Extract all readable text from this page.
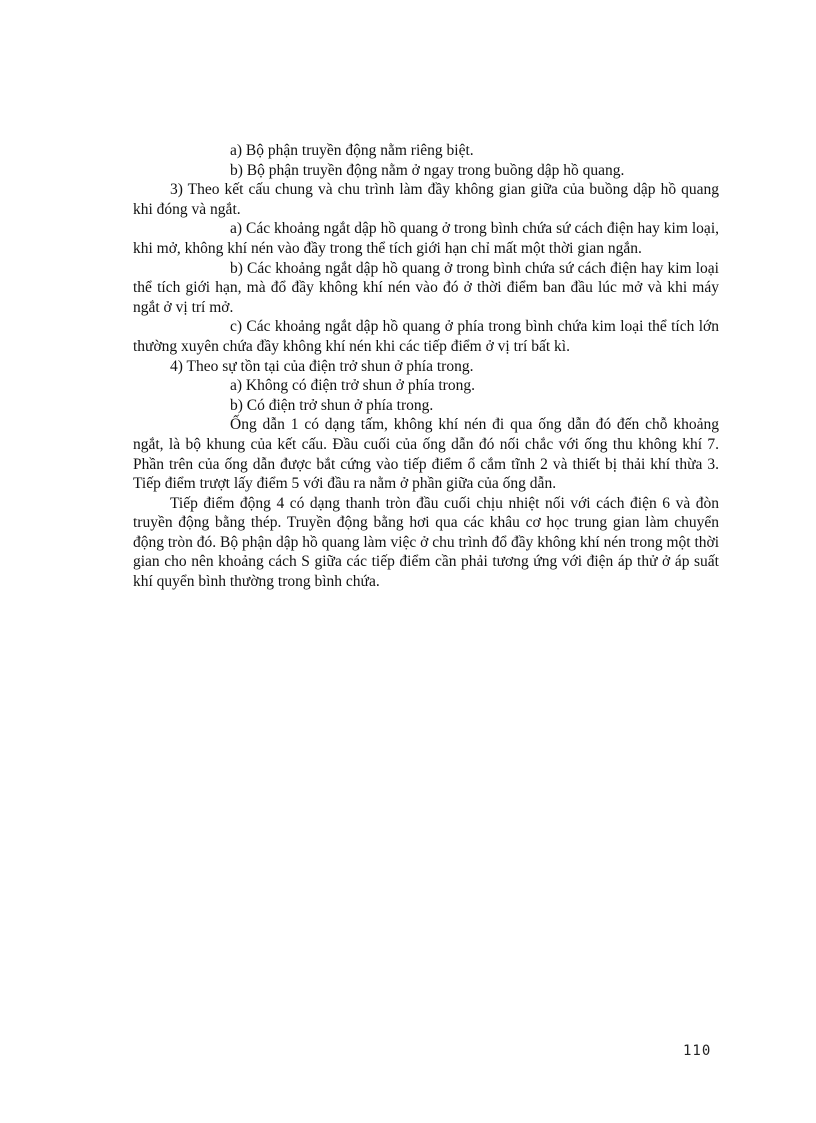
a) Bộ phận truyền động nằm riêng biệt.

b) Bộ phận truyền động nằm ở ngay trong buồng dập hồ quang.

3) Theo kết cấu chung và chu trình làm đầy không gian giữa của buồng dập hồ quang khi đóng và ngắt.

a) Các khoảng ngắt dập hồ quang ở trong bình chứa sứ cách điện hay kim loại, khi mở, không khí nén vào đầy trong thể tích giới hạn chỉ mất một thời gian ngắn.

b) Các khoảng ngắt dập hồ quang ở trong bình chứa sứ cách điện hay kim loại thể tích giới hạn, mà đổ đầy không khí nén vào đó ở thời điểm ban đầu lúc mở và khi máy ngắt ở vị trí mở.

c) Các khoảng ngắt dập hồ quang ở phía trong bình chứa kim loại thể tích lớn thường xuyên chứa đầy không khí nén khi các tiếp điểm ở vị trí bất kì.

4) Theo sự tồn tại của điện trở shun ở phía trong.

a) Không có điện trở shun ở phía trong.

b) Có điện trở shun ở phía trong.

Ống dẫn 1 có dạng tấm, không khí nén đi qua ống dẫn đó đến chỗ khoảng ngắt, là bộ khung của kết cấu. Đầu cuối của ống dẫn đó nối chắc với ống thu không khí 7. Phần trên của ống dẫn được bắt cứng vào tiếp điểm ổ cắm tĩnh 2 và thiết bị thải khí thừa 3. Tiếp điểm trượt lấy điểm 5 với đầu ra nằm ở phần giữa của ống dẫn.

Tiếp điểm động 4 có dạng thanh tròn đầu cuối chịu nhiệt nối với cách điện 6 và đòn truyền động bằng thép. Truyền động bằng hơi qua các khâu cơ học trung gian làm chuyển động tròn đó. Bộ phận dập hồ quang làm việc ở chu trình đổ đầy không khí nén trong một thời gian cho nên khoảng cách S giữa các tiếp điểm cần phải tương ứng với điện áp thử ở áp suất khí quyển bình thường trong bình chứa.

110
